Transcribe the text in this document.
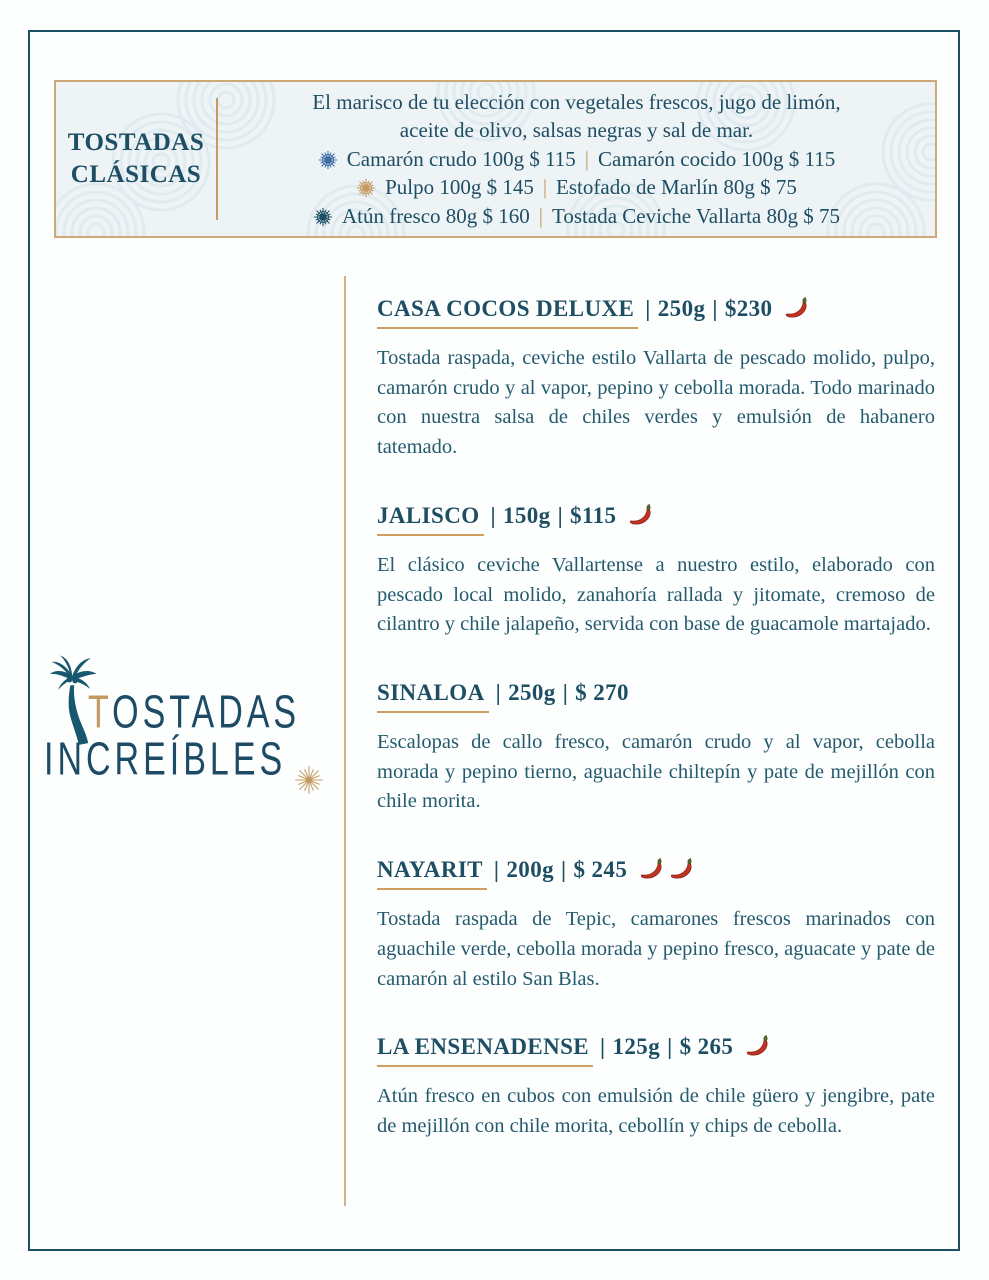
TOSTADAS
CLÁSICAS
El marisco de tu elección con vegetales frescos, jugo de limón,
aceite de olivo, salsas negras y sal de mar.
Camarón crudo 100g $ 115 | Camarón cocido 100g $ 115
Pulpo 100g $ 145 | Estofado de Marlín 80g $ 75
Atún fresco 80g $ 160 | Tostada Ceviche Vallarta 80g $ 75
TOSTADAS
INCREÍBLES
CASA COCOS DELUXE | 250g | $230
Tostada raspada, ceviche estilo Vallarta de pescado molido, pulpo, camarón crudo y al vapor, pepino y cebolla morada. Todo marinado con nuestra salsa de chiles verdes y emulsión de habanero tatemado.
JALISCO | 150g | $115
El clásico ceviche Vallartense a nuestro estilo, elaborado con pescado local molido, zanahoría rallada y jitomate, cremoso de cilantro y chile jalapeño, servida con base de guacamole martajado.
SINALOA | 250g | $ 270
Escalopas de callo fresco, camarón crudo y al vapor, cebolla morada y pepino tierno, aguachile chiltepín y pate de mejillón con chile morita.
NAYARIT | 200g | $ 245
Tostada raspada de Tepic, camarones frescos marinados con aguachile verde, cebolla morada y pepino fresco, aguacate y pate de camarón al estilo San Blas.
LA ENSENADENSE | 125g | $ 265
Atún fresco en cubos con emulsión de chile güero y jengibre, pate de mejillón con chile morita, cebollín y chips de cebolla.
